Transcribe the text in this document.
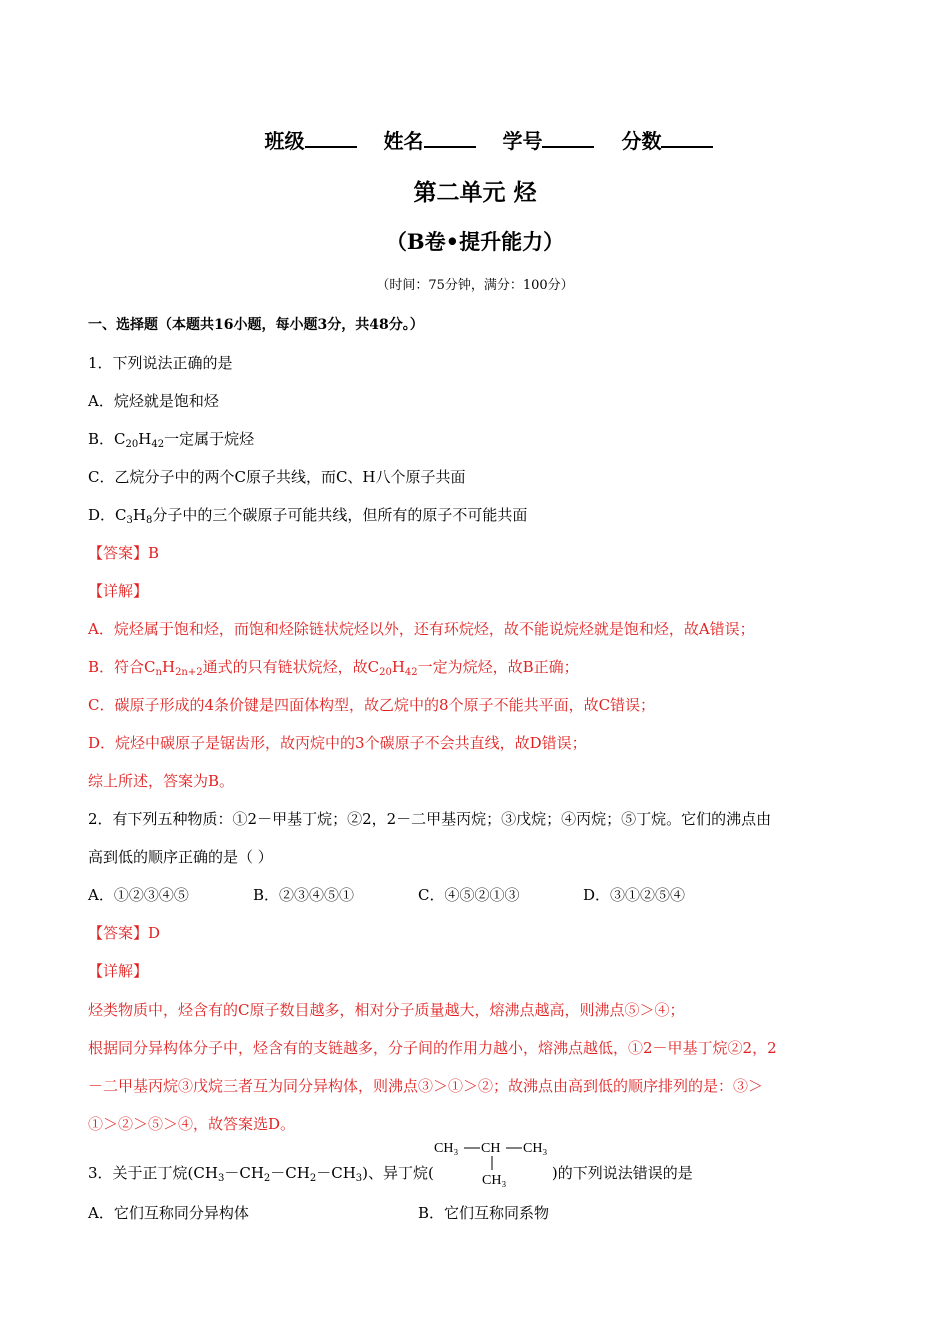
班级	姓名	学号	分数
第二单元 烃
（B卷•提升能力）
（时间：75分钟，满分：100分）
一、选择题（本题共16小题，每小题3分，共48分。）
1．下列说法正确的是
A．烷烃就是饱和烃
B．$C_{20}H_{42}$一定属于烷烃
C．乙烷分子中的两个C原子共线，而C、H八个原子共面
D．$C_3H_8$分子中的三个碳原子可能共线，但所有的原子不可能共面
【答案】B
【详解】
A．烷烃属于饱和烃，而饱和烃除链状烷烃以外，还有环烷烃，故不能说烷烃就是饱和烃，故A错误；
B．符合$C_nH_{2n+2}$通式的只有链状烷烃，故$C_{20}H_{42}$一定为烷烃，故B正确；
C．碳原子形成的4条价键是四面体构型，故乙烷中的8个原子不能共平面，故C错误；
D．烷烃中碳原子是锯齿形，故丙烷中的3个碳原子不会共直线，故D错误；
综上所述，答案为B。
2．有下列五种物质：①2－甲基丁烷；②2，2－二甲基丙烷；③戊烷；④丙烷；⑤丁烷。它们的沸点由
高到低的顺序正确的是（ ）
A．①②③④⑤	B．②③④⑤①	C．④⑤②①③	D．③①②⑤④
【答案】D
【详解】
烃类物质中，烃含有的C原子数目越多，相对分子质量越大，熔沸点越高，则沸点⑤＞④；
根据同分异构体分子中，烃含有的支链越多，分子间的作用力越小，熔沸点越低，①2－甲基丁烷②2，2
－二甲基丙烷③戊烷三者互为同分异构体，则沸点③＞①＞②；故沸点由高到低的顺序排列的是：③＞
①＞②＞⑤＞④，故答案选D。
3．关于正丁烷$(CH_3-CH_2-CH_2-CH_3)$、异丁烷(
CH₃ CH CH₃
CH₃	)的下列说法错误的是
A．它们互称同分异构体	B．它们互称同系物
